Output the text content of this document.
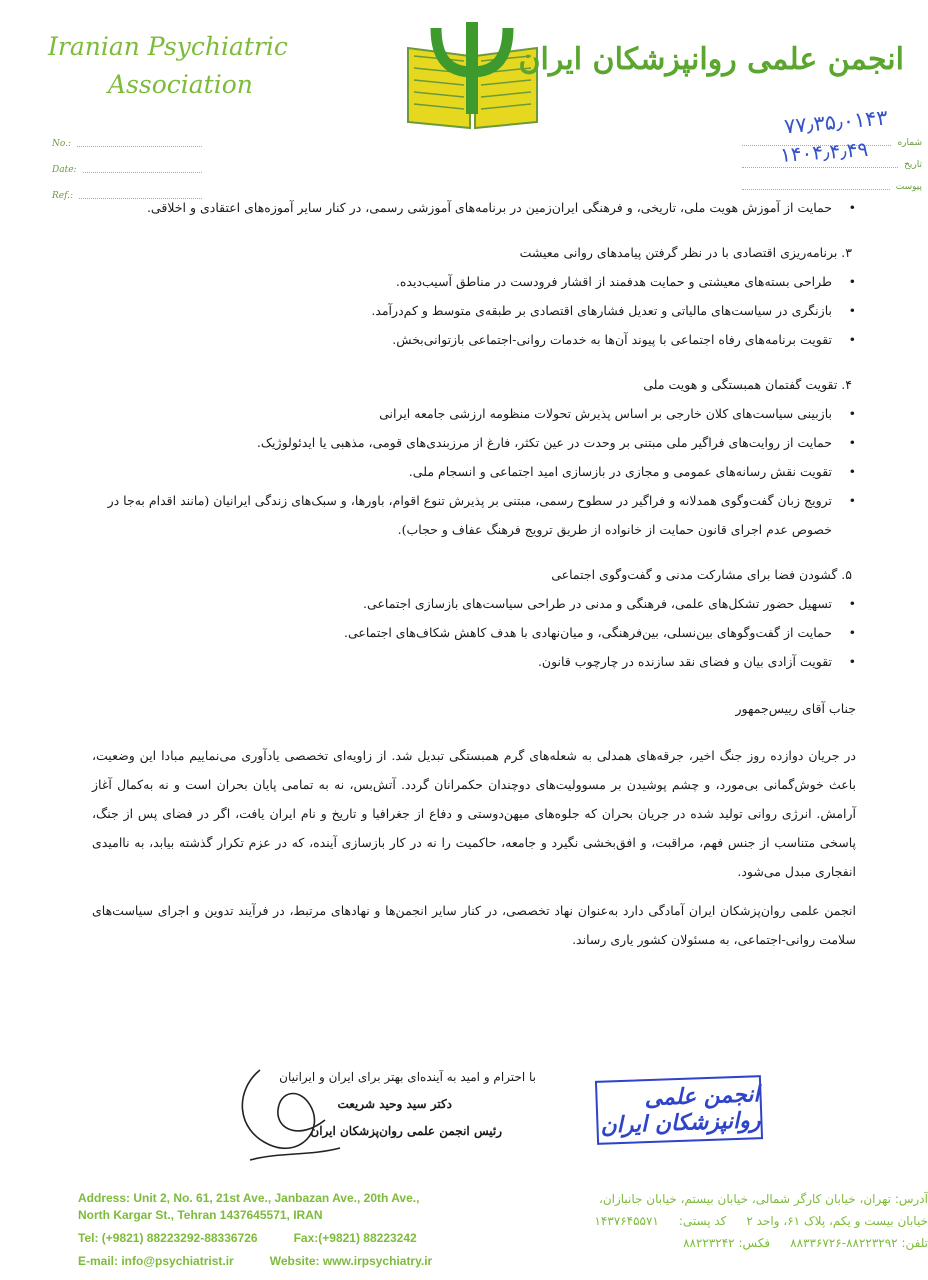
Iranian Psychiatric
Association
انجمن علمی روانپزشکان ایران
No.:
Date:
Ref.:
شماره
تاریخ
پیوست
۷۷٫۳۵٫۰۱۴۳
۱۴۰۴٫۴٫۴۹

•
حمایت از آموزش هویت ملی، تاریخی، و فرهنگی ایران‌زمین در برنامه‌های آموزشی رسمی، در کنار سایر آموزه‌های اعتقادی و اخلاقی.

۳. برنامه‌ریزی اقتصادی با در نظر گرفتن پیامدهای روانی معیشت

•
طراحی بسته‌های معیشتی و حمایت هدفمند از اقشار فرودست در مناطق آسیب‌دیده.

•
بازنگری در سیاست‌های مالیاتی و تعدیل فشارهای اقتصادی بر طبقه‌ی متوسط و کم‌درآمد.

•
تقویت برنامه‌های رفاه اجتماعی با پیوند آن‌ها به خدمات روانی-اجتماعی بازتوانی‌بخش.

۴. تقویت گفتمان همبستگی و هویت ملی

•
بازبینی سیاست‌های کلان خارجی بر اساس پذیرش تحولات منظومه ارزشی جامعه ایرانی

•
حمایت از روایت‌های فراگیر ملی مبتنی بر وحدت در عین تکثر، فارغ از مرزبندی‌های قومی، مذهبی یا ایدئولوژیک.

•
تقویت نقش رسانه‌های عمومی و مجازی در بازسازی امید اجتماعی و انسجام ملی.

•
ترویج زبان گفت‌وگوی همدلانه و فراگیر در سطوح رسمی، مبتنی بر پذیرش تنوع اقوام، باورها، و سبک‌های زندگی ایرانیان (مانند اقدام به‌جا در خصوص عدم اجرای قانون حمایت از خانواده از طریق ترویج فرهنگ عفاف و حجاب).

۵. گشودن فضا برای مشارکت مدنی و گفت‌وگوی اجتماعی

•
تسهیل حضور تشکل‌های علمی، فرهنگی و مدنی در طراحی سیاست‌های بازسازی اجتماعی.

•
حمایت از گفت‌وگوهای بین‌نسلی، بین‌فرهنگی، و میان‌نهادی با هدف کاهش شکاف‌های اجتماعی.

•
تقویت آزادی بیان و فضای نقد سازنده در چارچوب قانون.

جناب آقای رییس‌جمهور

در جریان دوازده روز جنگ اخیر، جرقه‌های همدلی به شعله‌های گرم همبستگی تبدیل شد. از زاویه‌ای تخصصی یادآوری می‌نماییم مبادا این وضعیت، باعث خوش‌گمانی بی‌مورد، و چشم پوشیدن بر مسوولیت‌های دوچندان حکمرانان گردد. آتش‌بس، نه به تمامی پایان بحران است و نه به‌کمال آغاز آرامش. انرژی روانی تولید شده در جریان بحران که جلوه‌های میهن‌دوستی و دفاع از جغرافیا و تاریخ و نام ایران یافت، اگر در فضای پس از جنگ، پاسخی متناسب از جنس فهم، مراقبت، و افق‌بخشی نگیرد و جامعه، حاکمیت را نه در کار بازسازی آینده، که در عزم تکرار گذشته بیابد، به ناامیدی انفجاری مبدل می‌شود.

انجمن علمی روان‌پزشکان ایران آمادگی دارد به‌عنوان نهاد تخصصی، در کنار سایر انجمن‌ها و نهادهای مرتبط، در فرآیند تدوین و اجرای سیاست‌های سلامت روانی-اجتماعی، به مسئولان کشور یاری رساند.

با احترام و امید به آینده‌ای بهتر برای ایران و ایرانیان
دکتر سید وحید شریعت
رئیس انجمن علمی روان‌پزشکان ایران
انجمن علمی روانپزشکان ایران
Address: Unit 2, No. 61, 21st Ave., Janbazan Ave., 20th Ave.,
North Kargar St., Tehran 1437645571, IRAN
Tel: (+9821) 88223292-88336726	Fax:(+9821) 88223242
E-mail: info@psychiatrist.ir	Website: www.irpsychiatry.ir
آدرس: تهران، خیابان کارگر شمالی، خیابان بیستم، خیابان جانبازان،
خیابان بیست و یکم، پلاک ۶۱، واحد ۲
کد پستی:
۱۴۳۷۶۴۵۵۷۱
تلفن: ۸۸۲۲۳۲۹۲-۸۸۳۳۶۷۲۶
فکس: ۸۸۲۲۳۲۴۲
